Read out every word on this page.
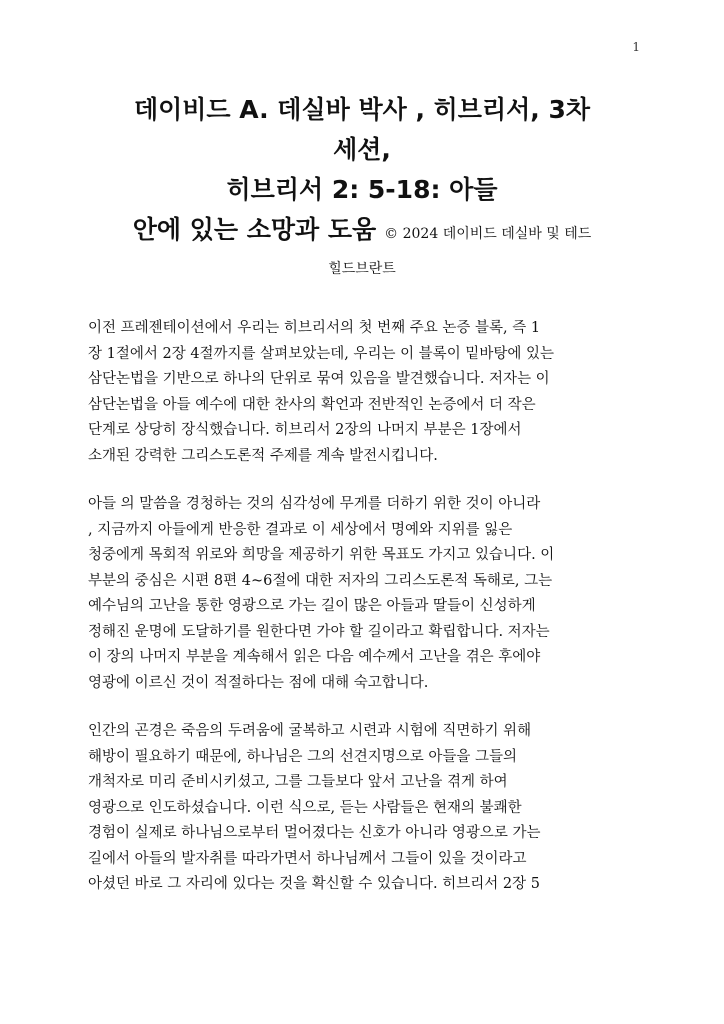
1
데이비드 A. 데실바 박사 , 히브리서, 3차
세션,
히브리서 2: 5-18: 아들
안에 있는 소망과 도움 © 2024 데이비드 데실바 및 테드
힐드브란트

이전 프레젠테이션에서 우리는 히브리서의 첫 번째 주요 논증 블록, 즉 1
장 1절에서 2장 4절까지를 살펴보았는데, 우리는 이 블록이 밑바탕에 있는
삼단논법을 기반으로 하나의 단위로 묶여 있음을 발견했습니다. 저자는 이
삼단논법을 아들 예수에 대한 찬사의 확언과 전반적인 논증에서 더 작은
단계로 상당히 장식했습니다. 히브리서 2장의 나머지 부분은 1장에서
소개된 강력한 그리스도론적 주제를 계속 발전시킵니다.

아들 의 말씀을 경청하는 것의 심각성에 무게를 더하기 위한 것이 아니라
, 지금까지 아들에게 반응한 결과로 이 세상에서 명예와 지위를 잃은
청중에게 목회적 위로와 희망을 제공하기 위한 목표도 가지고 있습니다. 이
부분의 중심은 시편 8편 4~6절에 대한 저자의 그리스도론적 독해로, 그는
예수님의 고난을 통한 영광으로 가는 길이 많은 아들과 딸들이 신성하게
정해진 운명에 도달하기를 원한다면 가야 할 길이라고 확립합니다. 저자는
이 장의 나머지 부분을 계속해서 읽은 다음 예수께서 고난을 겪은 후에야
영광에 이르신 것이 적절하다는 점에 대해 숙고합니다.

인간의 곤경은 죽음의 두려움에 굴복하고 시련과 시험에 직면하기 위해
해방이 필요하기 때문에, 하나님은 그의 선견지명으로 아들을 그들의
개척자로 미리 준비시키셨고, 그를 그들보다 앞서 고난을 겪게 하여
영광으로 인도하셨습니다. 이런 식으로, 듣는 사람들은 현재의 불쾌한
경험이 실제로 하나님으로부터 멀어졌다는 신호가 아니라 영광으로 가는
길에서 아들의 발자취를 따라가면서 하나님께서 그들이 있을 것이라고
아셨던 바로 그 자리에 있다는 것을 확신할 수 있습니다. 히브리서 2장 5
